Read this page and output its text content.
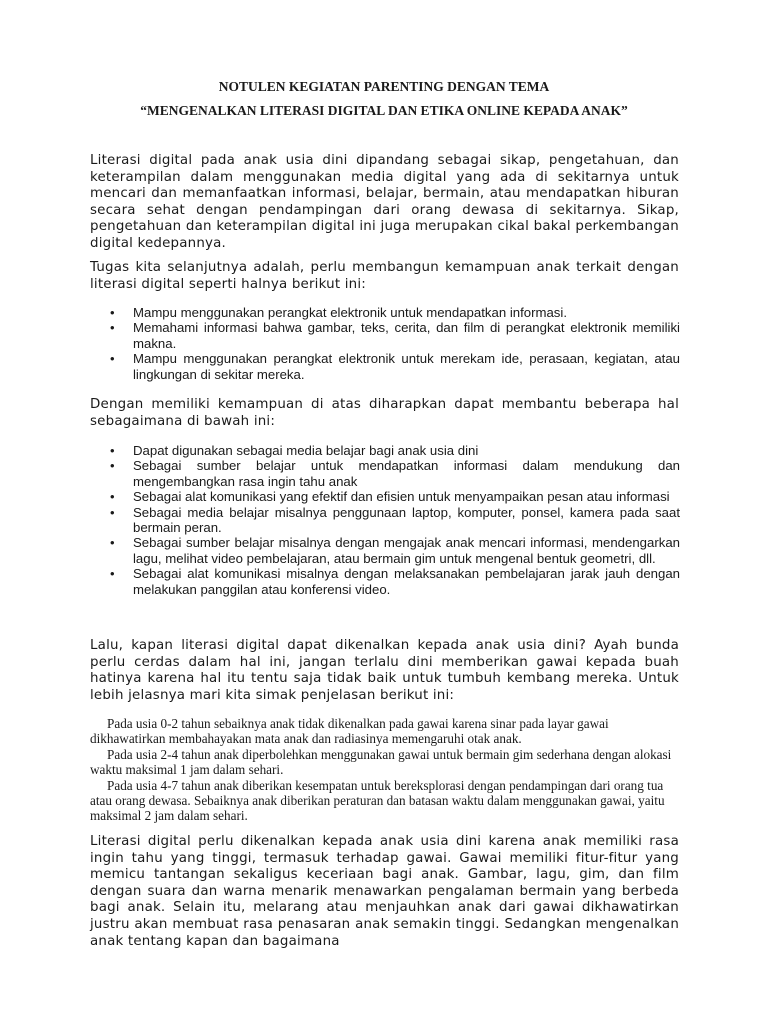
NOTULEN KEGIATAN PARENTING DENGAN TEMA
“MENGENALKAN LITERASI DIGITAL DAN ETIKA ONLINE KEPADA ANAK”

Literasi digital pada anak usia dini dipandang sebagai sikap, pengetahuan, dan keterampilan dalam menggunakan media digital yang ada di sekitarnya untuk mencari dan memanfaatkan informasi, belajar, bermain, atau mendapatkan hiburan secara sehat dengan pendampingan dari orang dewasa di sekitarnya. Sikap, pengetahuan dan keterampilan digital ini juga merupakan cikal bakal perkembangan digital kedepannya.

Tugas kita selanjutnya adalah, perlu membangun kemampuan anak terkait dengan literasi digital seperti halnya berikut ini:

• Mampu menggunakan perangkat elektronik untuk mendapatkan informasi.
• Memahami informasi bahwa gambar, teks, cerita, dan film di perangkat elektronik memiliki makna.
• Mampu menggunakan perangkat elektronik untuk merekam ide, perasaan, kegiatan, atau lingkungan di sekitar mereka.

Dengan memiliki kemampuan di atas diharapkan dapat membantu beberapa hal sebagaimana di bawah ini:

• Dapat digunakan sebagai media belajar bagi anak usia dini
• Sebagai sumber belajar untuk mendapatkan informasi dalam mendukung dan mengembangkan rasa ingin tahu anak
• Sebagai alat komunikasi yang efektif dan efisien untuk menyampaikan pesan atau informasi
• Sebagai media belajar misalnya penggunaan laptop, komputer, ponsel, kamera pada saat bermain peran.
• Sebagai sumber belajar misalnya dengan mengajak anak mencari informasi, mendengarkan lagu, melihat video pembelajaran, atau bermain gim untuk mengenal bentuk geometri, dll.
• Sebagai alat komunikasi misalnya dengan melaksanakan pembelajaran jarak jauh dengan melakukan panggilan atau konferensi video.

Lalu, kapan literasi digital dapat dikenalkan kepada anak usia dini? Ayah bunda perlu cerdas dalam hal ini, jangan terlalu dini memberikan gawai kepada buah hatinya karena hal itu tentu saja tidak baik untuk tumbuh kembang mereka. Untuk lebih jelasnya mari kita simak penjelasan berikut ini:

Pada usia 0-2 tahun sebaiknya anak tidak dikenalkan pada gawai karena sinar pada layar gawai dikhawatirkan membahayakan mata anak dan radiasinya memengaruhi otak anak.

Pada usia 2-4 tahun anak diperbolehkan menggunakan gawai untuk bermain gim sederhana dengan alokasi waktu maksimal 1 jam dalam sehari.

Pada usia 4-7 tahun anak diberikan kesempatan untuk bereksplorasi dengan pendampingan dari orang tua atau orang dewasa. Sebaiknya anak diberikan peraturan dan batasan waktu dalam menggunakan gawai, yaitu maksimal 2 jam dalam sehari.

Literasi digital perlu dikenalkan kepada anak usia dini karena anak memiliki rasa ingin tahu yang tinggi, termasuk terhadap gawai. Gawai memiliki fitur-fitur yang memicu tantangan sekaligus keceriaan bagi anak. Gambar, lagu, gim, dan film dengan suara dan warna menarik menawarkan pengalaman bermain yang berbeda bagi anak. Selain itu, melarang atau menjauhkan anak dari gawai dikhawatirkan justru akan membuat rasa penasaran anak semakin tinggi. Sedangkan mengenalkan anak tentang kapan dan bagaimana
